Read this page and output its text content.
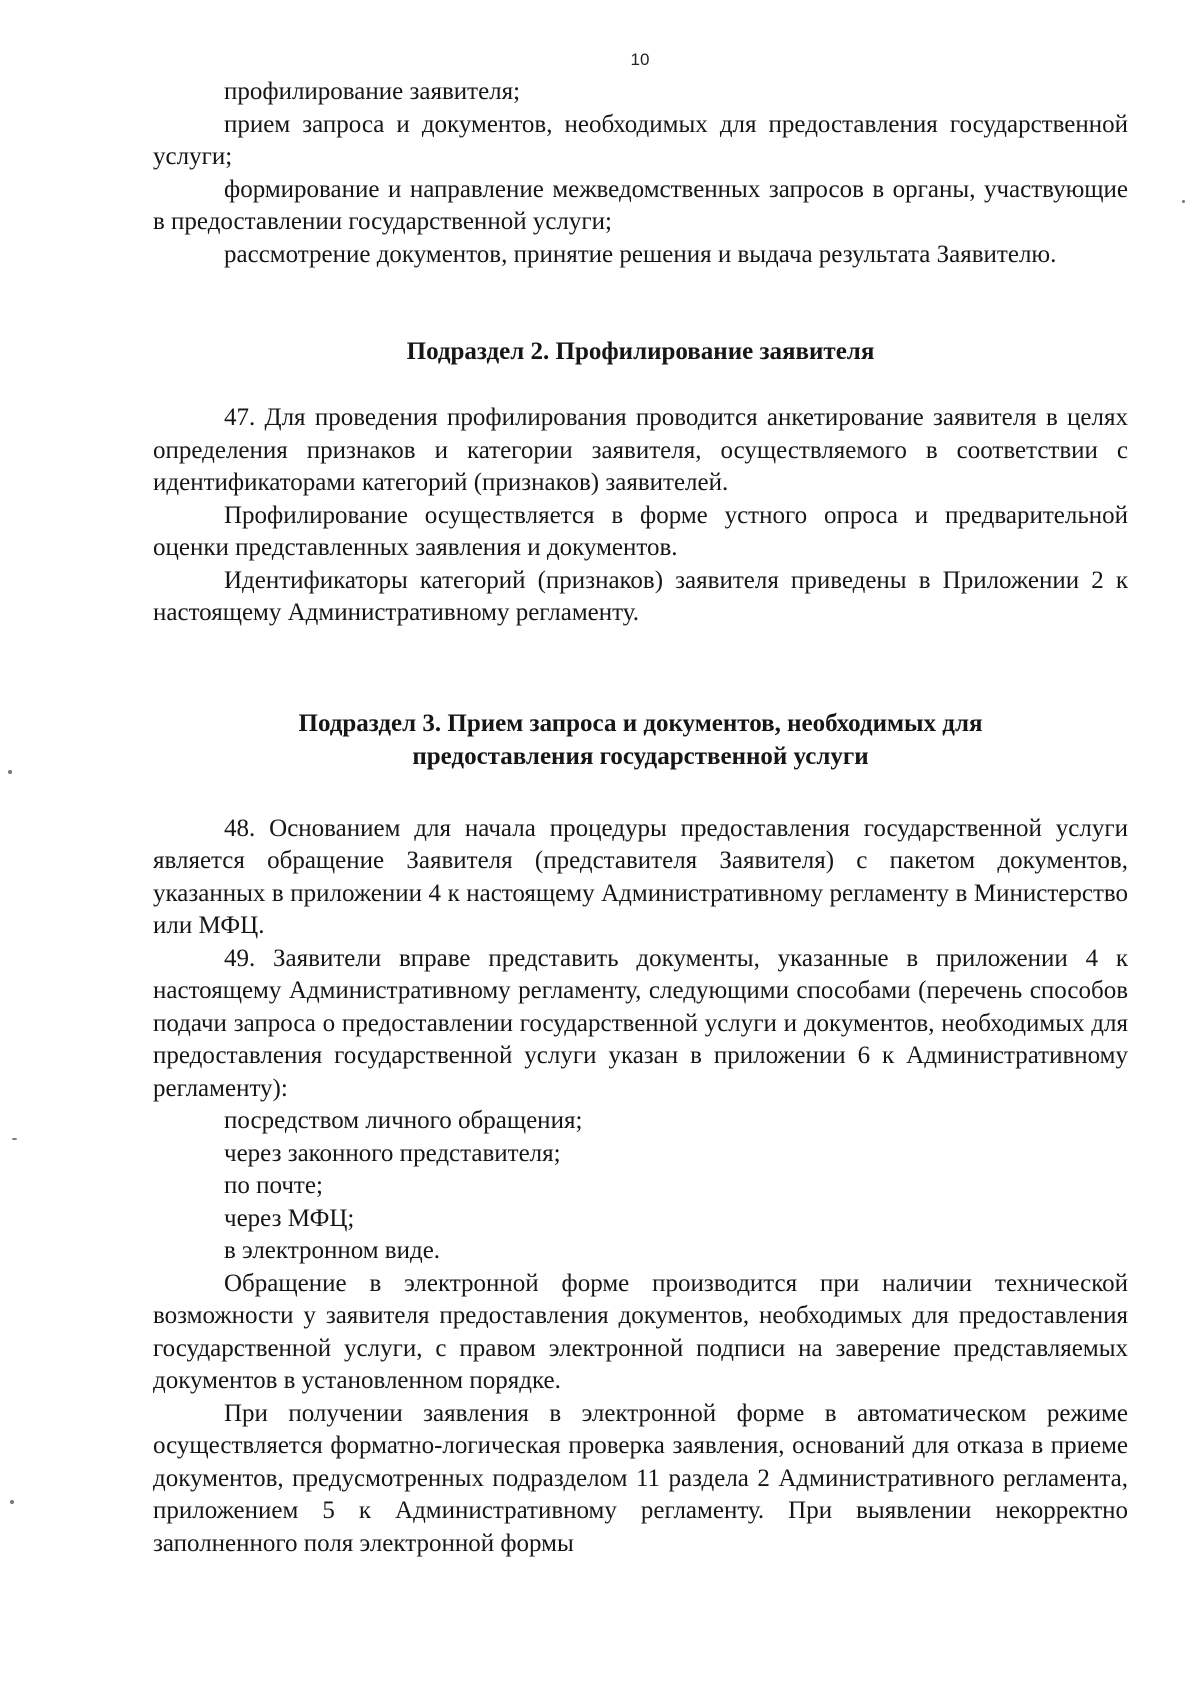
10

профилирование заявителя;

прием запроса и документов, необходимых для предоставления государственной услуги;

формирование и направление межведомственных запросов в органы, участвующие в предоставлении государственной услуги;

рассмотрение документов, принятие решения и выдача результата Заявителю.

Подраздел 2. Профилирование заявителя

47. Для проведения профилирования проводится анкетирование заявителя в целях определения признаков и категории заявителя, осуществляемого в соответствии с идентификаторами категорий (признаков) заявителей.

Профилирование осуществляется в форме устного опроса и предварительной оценки представленных заявления и документов.

Идентификаторы категорий (признаков) заявителя приведены в Приложении 2 к настоящему Административному регламенту.

Подраздел 3. Прием запроса и документов, необходимых для
предоставления государственной услуги

48. Основанием для начала процедуры предоставления государственной услуги является обращение Заявителя (представителя Заявителя) с пакетом документов, указанных в приложении 4 к настоящему Административному регламенту в Министерство или МФЦ.

49. Заявители вправе представить документы, указанные в приложении 4 к настоящему Административному регламенту, следующими способами (перечень способов подачи запроса о предоставлении государственной услуги и документов, необходимых для предоставления государственной услуги указан в приложении 6 к Административному регламенту):

посредством личного обращения;

через законного представителя;

по почте;

через МФЦ;

в электронном виде.

Обращение в электронной форме производится при наличии технической возможности у заявителя предоставления документов, необходимых для предоставления государственной услуги, с правом электронной подписи на заверение представляемых документов в установленном порядке.

При получении заявления в электронной форме в автоматическом режиме осуществляется форматно-логическая проверка заявления, оснований для отказа в приеме документов, предусмотренных подразделом 11 раздела 2 Административного регламента, приложением 5 к Административному регламенту. При выявлении некорректно заполненного поля электронной формы
